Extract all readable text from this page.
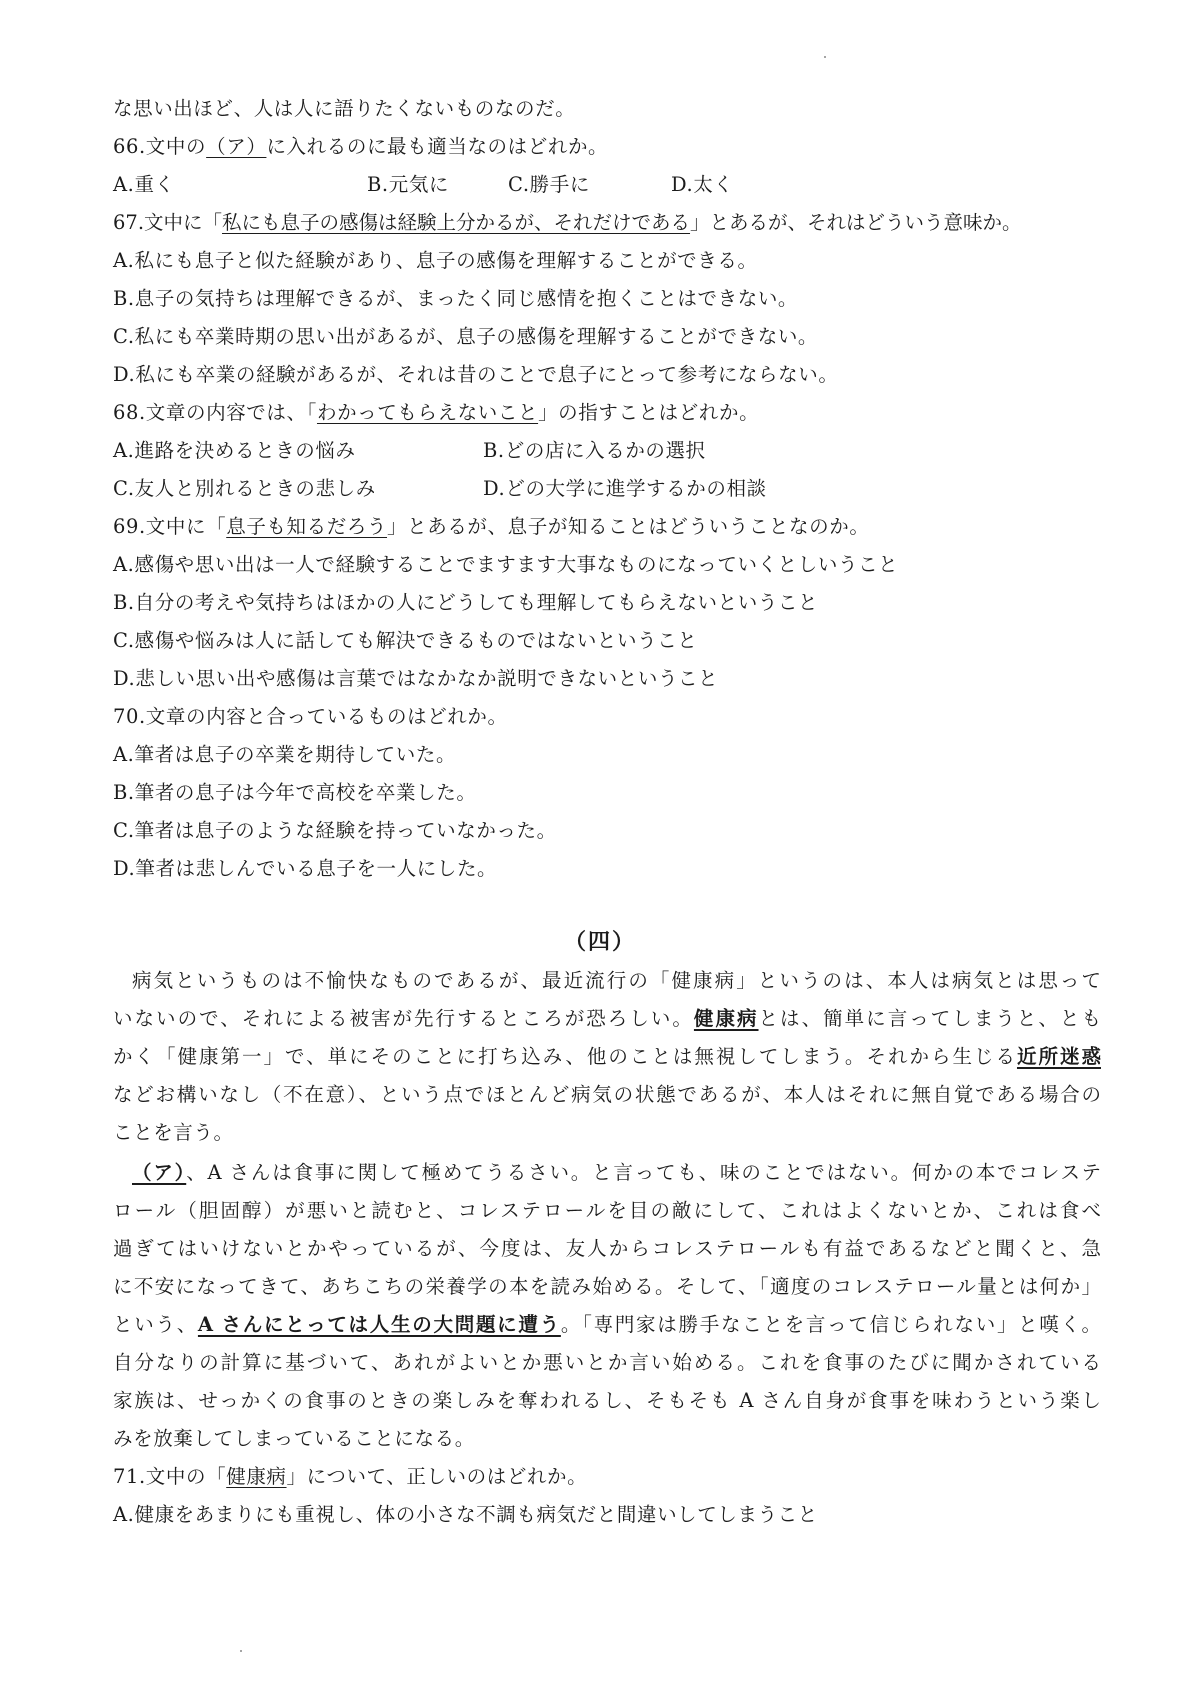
な思い出ほど、人は人に語りたくないものなのだ。
66.文中の（ア）に入れるのに最も適当なのはどれか。
A.重く	B.元気に	C.勝手に	D.太く
67.文中に「私にも息子の感傷は経験上分かるが、それだけである」とあるが、それはどういう意味か。
A.私にも息子と似た経験があり、息子の感傷を理解することができる。
B.息子の気持ちは理解できるが、まったく同じ感情を抱くことはできない。
C.私にも卒業時期の思い出があるが、息子の感傷を理解することができない。
D.私にも卒業の経験があるが、それは昔のことで息子にとって参考にならない。
68.文章の内容では、「わかってもらえないこと」の指すことはどれか。
A.進路を決めるときの悩み	B.どの店に入るかの選択
C.友人と別れるときの悲しみ	D.どの大学に進学するかの相談
69.文中に「息子も知るだろう」とあるが、息子が知ることはどういうことなのか。
A.感傷や思い出は一人で経験することでますます大事なものになっていくとしいうこと
B.自分の考えや気持ちはほかの人にどうしても理解してもらえないということ
C.感傷や悩みは人に話しても解決できるものではないということ
D.悲しい思い出や感傷は言葉ではなかなか説明できないということ
70.文章の内容と合っているものはどれか。
A.筆者は息子の卒業を期待していた。
B.筆者の息子は今年で高校を卒業した。
C.筆者は息子のような経験を持っていなかった。
D.筆者は悲しんでいる息子を一人にした。
（四）
病気というものは不愉快なものであるが、最近流行の「健康病」というのは、本人は病気とは思って
いないので、それによる被害が先行するところが恐ろしい。健康病とは、簡単に言ってしまうと、とも
かく「健康第一」で、単にそのことに打ち込み、他のことは無視してしまう。それから生じる近所迷惑
などお構いなし（不在意）、という点でほとんど病気の状態であるが、本人はそれに無自覚である場合の
ことを言う。
（ア）、A さんは食事に関して極めてうるさい。と言っても、味のことではない。何かの本でコレステ
ロール（胆固醇）が悪いと読むと、コレステロールを目の敵にして、これはよくないとか、これは食べ
過ぎてはいけないとかやっているが、今度は、友人からコレステロールも有益であるなどと聞くと、急
に不安になってきて、あちこちの栄養学の本を読み始める。そして、「適度のコレステロール量とは何か」
という、A さんにとっては人生の大問題に遭う。「専門家は勝手なことを言って信じられない」と嘆く。
自分なりの計算に基づいて、あれがよいとか悪いとか言い始める。これを食事のたびに聞かされている
家族は、せっかくの食事のときの楽しみを奪われるし、そもそも A さん自身が食事を味わうという楽し
みを放棄してしまっていることになる。
71.文中の「健康病」について、正しいのはどれか。
A.健康をあまりにも重視し、体の小さな不調も病気だと間違いしてしまうこと
